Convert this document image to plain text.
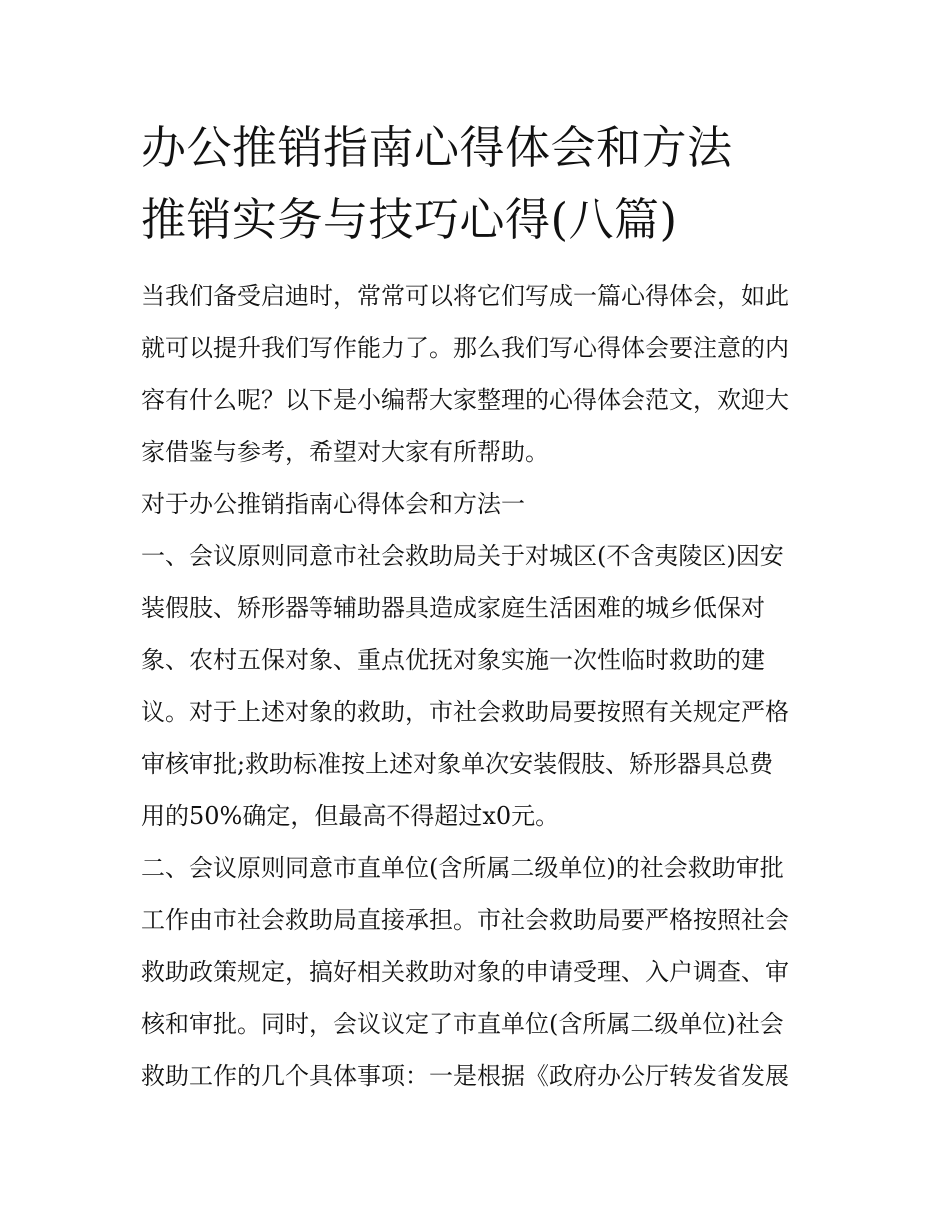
办公推销指南心得体会和方法
推销实务与技巧心得(八篇)

当我们备受启迪时，常常可以将它们写成一篇心得体会，如此
就可以提升我们写作能力了。那么我们写心得体会要注意的内
容有什么呢？以下是小编帮大家整理的心得体会范文，欢迎大
家借鉴与参考，希望对大家有所帮助。

对于办公推销指南心得体会和方法一

一、会议原则同意市社会救助局关于对城区(不含夷陵区)因安
装假肢、矫形器等辅助器具造成家庭生活困难的城乡低保对
象、农村五保对象、重点优抚对象实施一次性临时救助的建
议。对于上述对象的救助，市社会救助局要按照有关规定严格
审核审批;救助标准按上述对象单次安装假肢、矫形器具总费
用的50%确定，但最高不得超过x0元。

二、会议原则同意市直单位(含所属二级单位)的社会救助审批
工作由市社会救助局直接承担。市社会救助局要严格按照社会
救助政策规定，搞好相关救助对象的申请受理、入户调查、审
核和审批。同时，会议议定了市直单位(含所属二级单位)社会
救助工作的几个具体事项：一是根据《政府办公厅转发省发展
